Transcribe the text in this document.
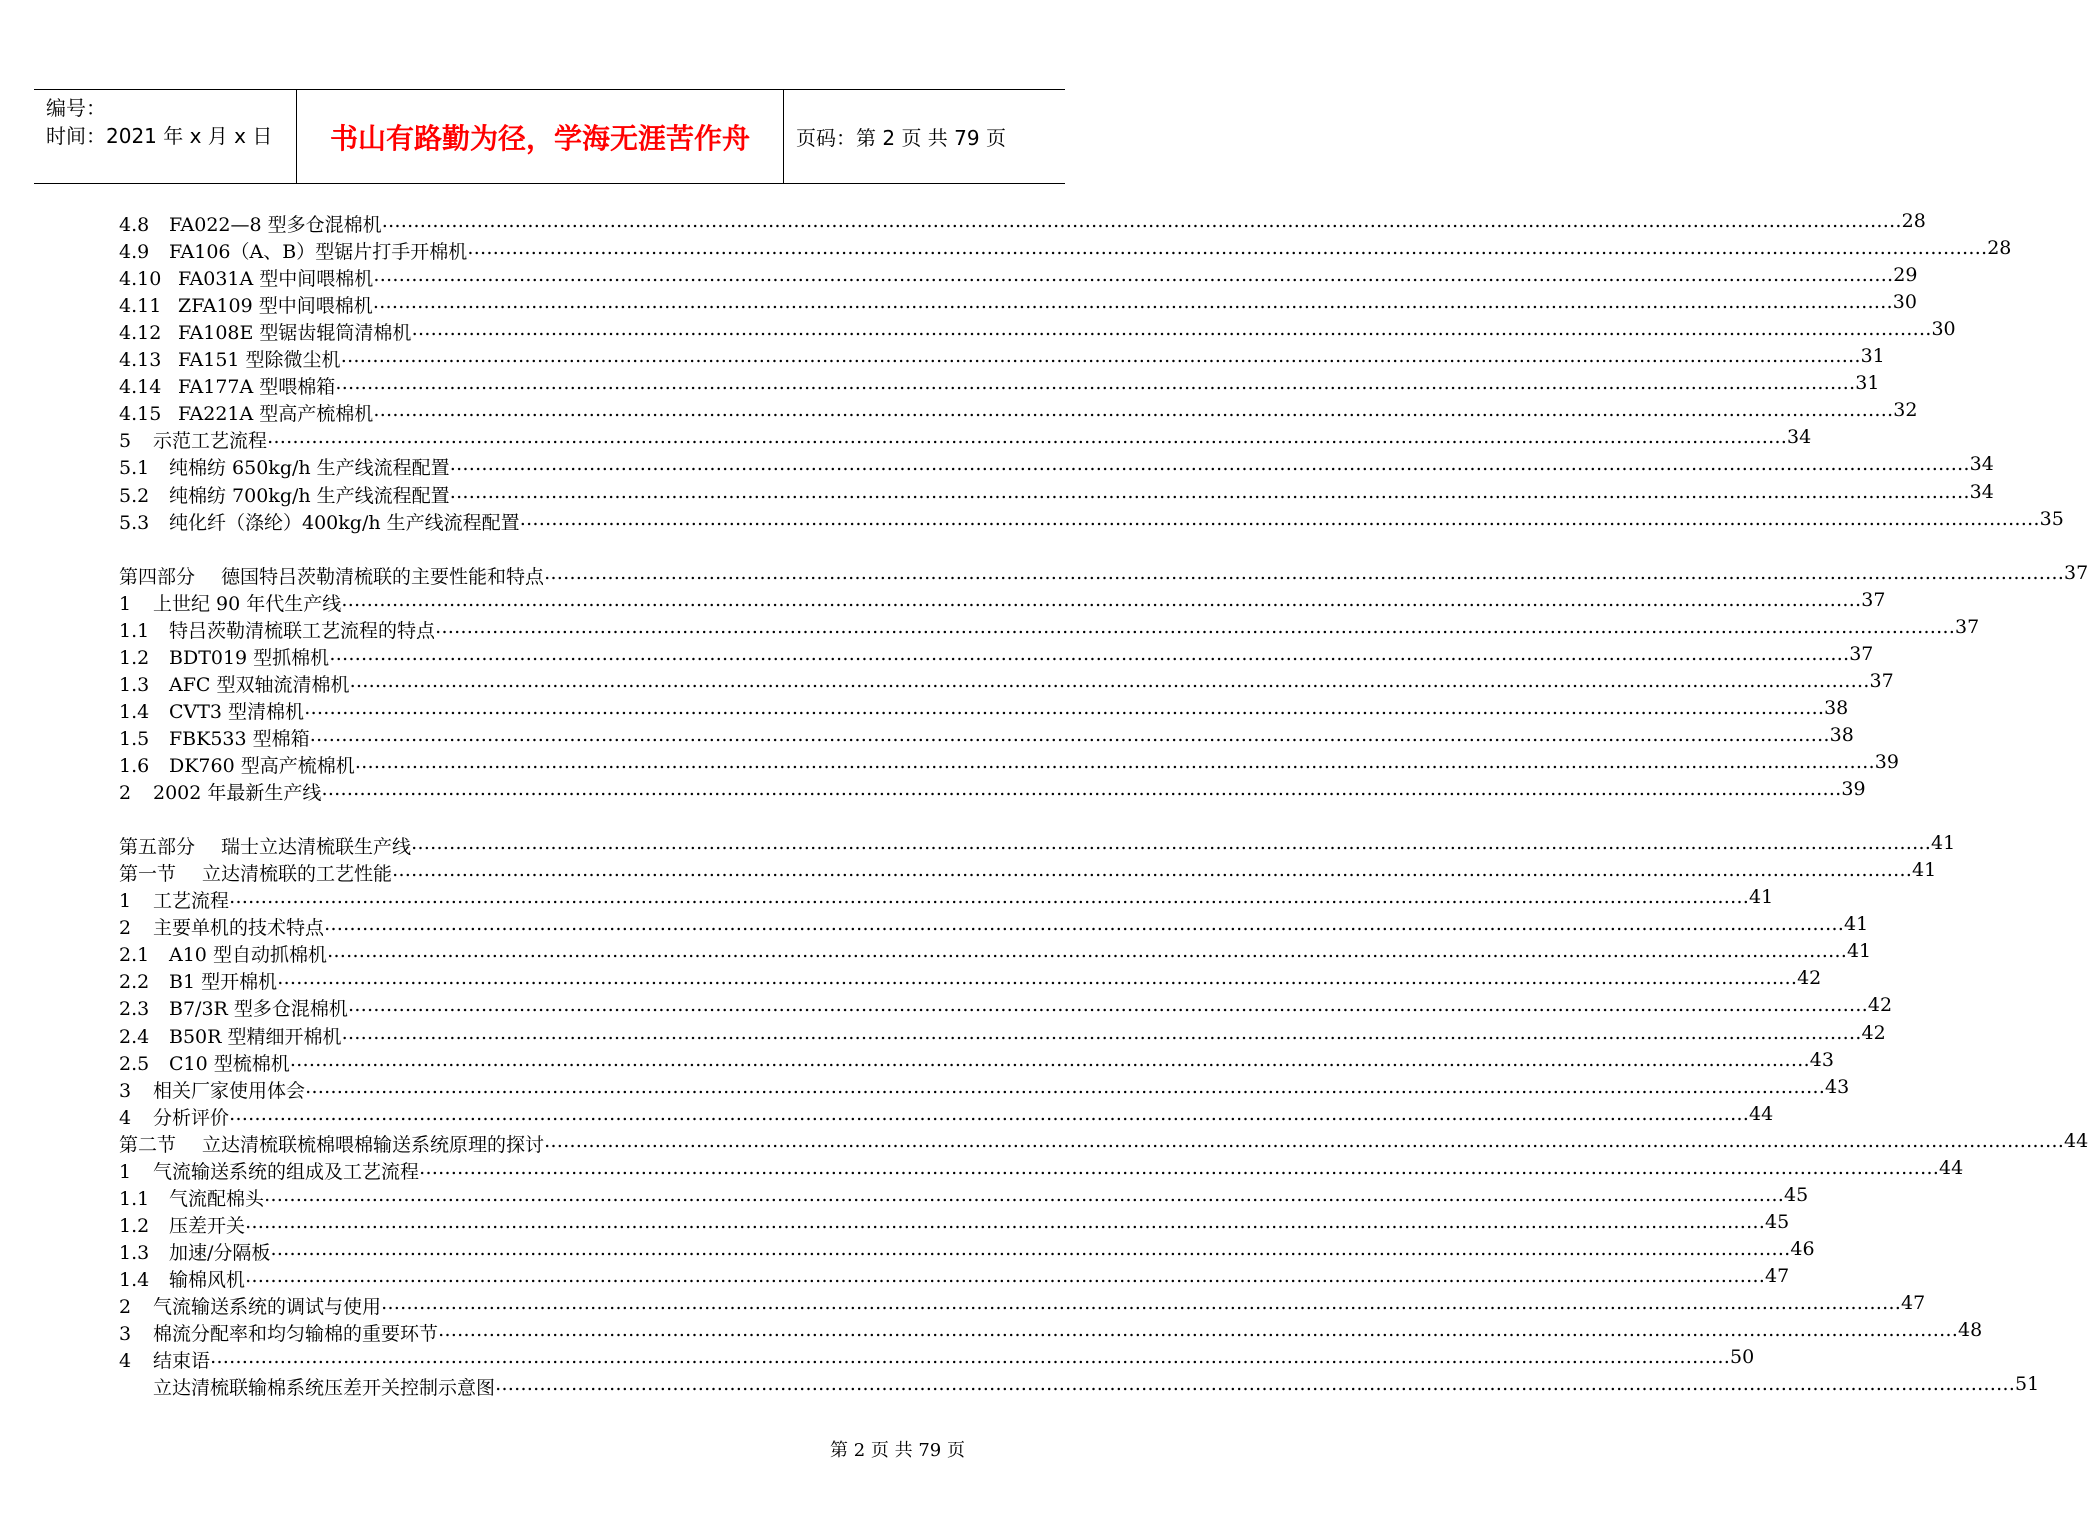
编号：
时间：2021 年 x 月 x 日	书山有路勤为径，学海无涯苦作舟	页码：第 2 页 共 79 页
4.8 FA022—8 型多仓混棉机 …………………………………………………………………………………………………………………………………………………………………………………………………………………… 28
4.9 FA106（A、B）型锯片打手开棉机 …………………………………………………………………………………………………………………………………………………………………………………………………………………… 28
4.10 FA031A 型中间喂棉机 …………………………………………………………………………………………………………………………………………………………………………………………………………………… 29
4.11 ZFA109 型中间喂棉机 …………………………………………………………………………………………………………………………………………………………………………………………………………………… 30
4.12 FA108E 型锯齿辊筒清棉机 …………………………………………………………………………………………………………………………………………………………………………………………………………………… 30
4.13 FA151 型除微尘机 …………………………………………………………………………………………………………………………………………………………………………………………………………………… 31
4.14 FA177A 型喂棉箱 …………………………………………………………………………………………………………………………………………………………………………………………………………………… 31
4.15 FA221A 型高产梳棉机 …………………………………………………………………………………………………………………………………………………………………………………………………………………… 32
5 示范工艺流程 …………………………………………………………………………………………………………………………………………………………………………………………………………………… 34
5.1 纯棉纺 650kg/h 生产线流程配置 …………………………………………………………………………………………………………………………………………………………………………………………………………………… 34
5.2 纯棉纺 700kg/h 生产线流程配置 …………………………………………………………………………………………………………………………………………………………………………………………………………………… 34
5.3 纯化纤（涤纶）400kg/h 生产线流程配置 …………………………………………………………………………………………………………………………………………………………………………………………………………………… 35
第四部分 德国特吕茨勒清梳联的主要性能和特点 …………………………………………………………………………………………………………………………………………………………………………………………………………………… 37
1 上世纪 90 年代生产线 …………………………………………………………………………………………………………………………………………………………………………………………………………………… 37
1.1 特吕茨勒清梳联工艺流程的特点 …………………………………………………………………………………………………………………………………………………………………………………………………………………… 37
1.2 BDT019 型抓棉机 …………………………………………………………………………………………………………………………………………………………………………………………………………………… 37
1.3 AFC 型双轴流清棉机 …………………………………………………………………………………………………………………………………………………………………………………………………………………… 37
1.4 CVT3 型清棉机 …………………………………………………………………………………………………………………………………………………………………………………………………………………… 38
1.5 FBK533 型棉箱 …………………………………………………………………………………………………………………………………………………………………………………………………………………… 38
1.6 DK760 型高产梳棉机 …………………………………………………………………………………………………………………………………………………………………………………………………………………… 39
2 2002 年最新生产线 …………………………………………………………………………………………………………………………………………………………………………………………………………………… 39
第五部分 瑞士立达清梳联生产线 …………………………………………………………………………………………………………………………………………………………………………………………………………………… 41
第一节 立达清梳联的工艺性能 …………………………………………………………………………………………………………………………………………………………………………………………………………………… 41
1 工艺流程 …………………………………………………………………………………………………………………………………………………………………………………………………………………… 41
2 主要单机的技术特点 …………………………………………………………………………………………………………………………………………………………………………………………………………………… 41
2.1 A10 型自动抓棉机 …………………………………………………………………………………………………………………………………………………………………………………………………………………… 41
2.2 B1 型开棉机 …………………………………………………………………………………………………………………………………………………………………………………………………………………… 42
2.3 B7/3R 型多仓混棉机 …………………………………………………………………………………………………………………………………………………………………………………………………………………… 42
2.4 B50R 型精细开棉机 …………………………………………………………………………………………………………………………………………………………………………………………………………………… 42
2.5 C10 型梳棉机 …………………………………………………………………………………………………………………………………………………………………………………………………………………… 43
3 相关厂家使用体会 …………………………………………………………………………………………………………………………………………………………………………………………………………………… 43
4 分析评价 …………………………………………………………………………………………………………………………………………………………………………………………………………………… 44
第二节 立达清梳联梳棉喂棉输送系统原理的探讨 …………………………………………………………………………………………………………………………………………………………………………………………………………………… 44
1 气流输送系统的组成及工艺流程 …………………………………………………………………………………………………………………………………………………………………………………………………………………… 44
1.1 气流配棉头 …………………………………………………………………………………………………………………………………………………………………………………………………………………… 45
1.2 压差开关 …………………………………………………………………………………………………………………………………………………………………………………………………………………… 45
1.3 加速/分隔板 …………………………………………………………………………………………………………………………………………………………………………………………………………………… 46
1.4 输棉风机 …………………………………………………………………………………………………………………………………………………………………………………………………………………… 47
2 气流输送系统的调试与使用 …………………………………………………………………………………………………………………………………………………………………………………………………………………… 47
3 棉流分配率和均匀输棉的重要环节 …………………………………………………………………………………………………………………………………………………………………………………………………………………… 48
4 结束语 …………………………………………………………………………………………………………………………………………………………………………………………………………………… 50
立达清梳联输棉系统压差开关控制示意图 …………………………………………………………………………………………………………………………………………………………………………………………………………………… 51
第 2 页 共 79 页
